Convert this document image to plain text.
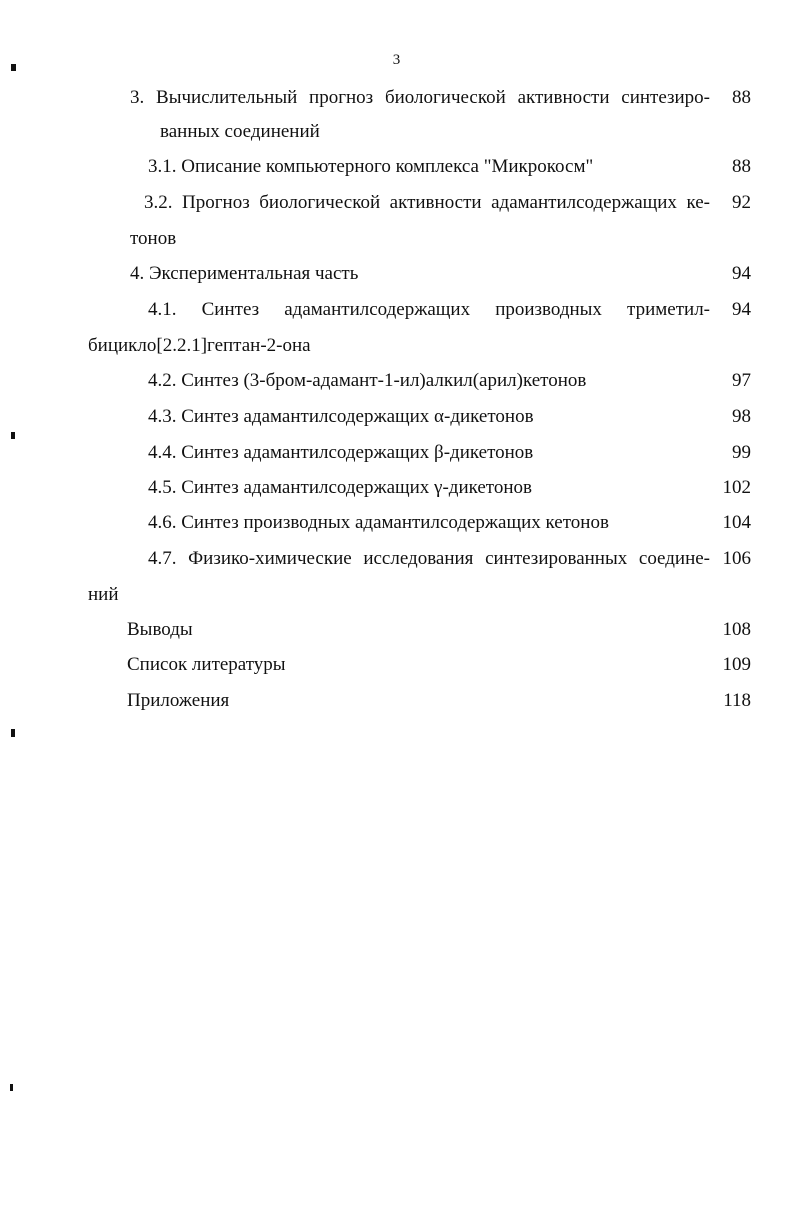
3
3. Вычислительный прогноз биологической активности синтезиро-
ванных соединений
88
3.1. Описание компьютерного комплекса "Микрокосм"	88
3.2. Прогноз биологической активности адамантилсодержащих ке-
тонов
92
4. Экспериментальная часть	94
4.1. Синтез адамантилсодержащих производных триметил-
бицикло[2.2.1]гептан-2-она
94
4.2. Синтез (3-бром-адамант-1-ил)алкил(арил)кетонов	97
4.3. Синтез адамантилсодержащих α-дикетонов	98
4.4. Синтез адамантилсодержащих β-дикетонов	99
4.5. Синтез адамантилсодержащих γ-дикетонов	102
4.6. Синтез производных адамантилсодержащих кетонов	104
4.7. Физико-химические исследования синтезированных соедине-
ний
106
Выводы	108
Список литературы	109
Приложения	118
